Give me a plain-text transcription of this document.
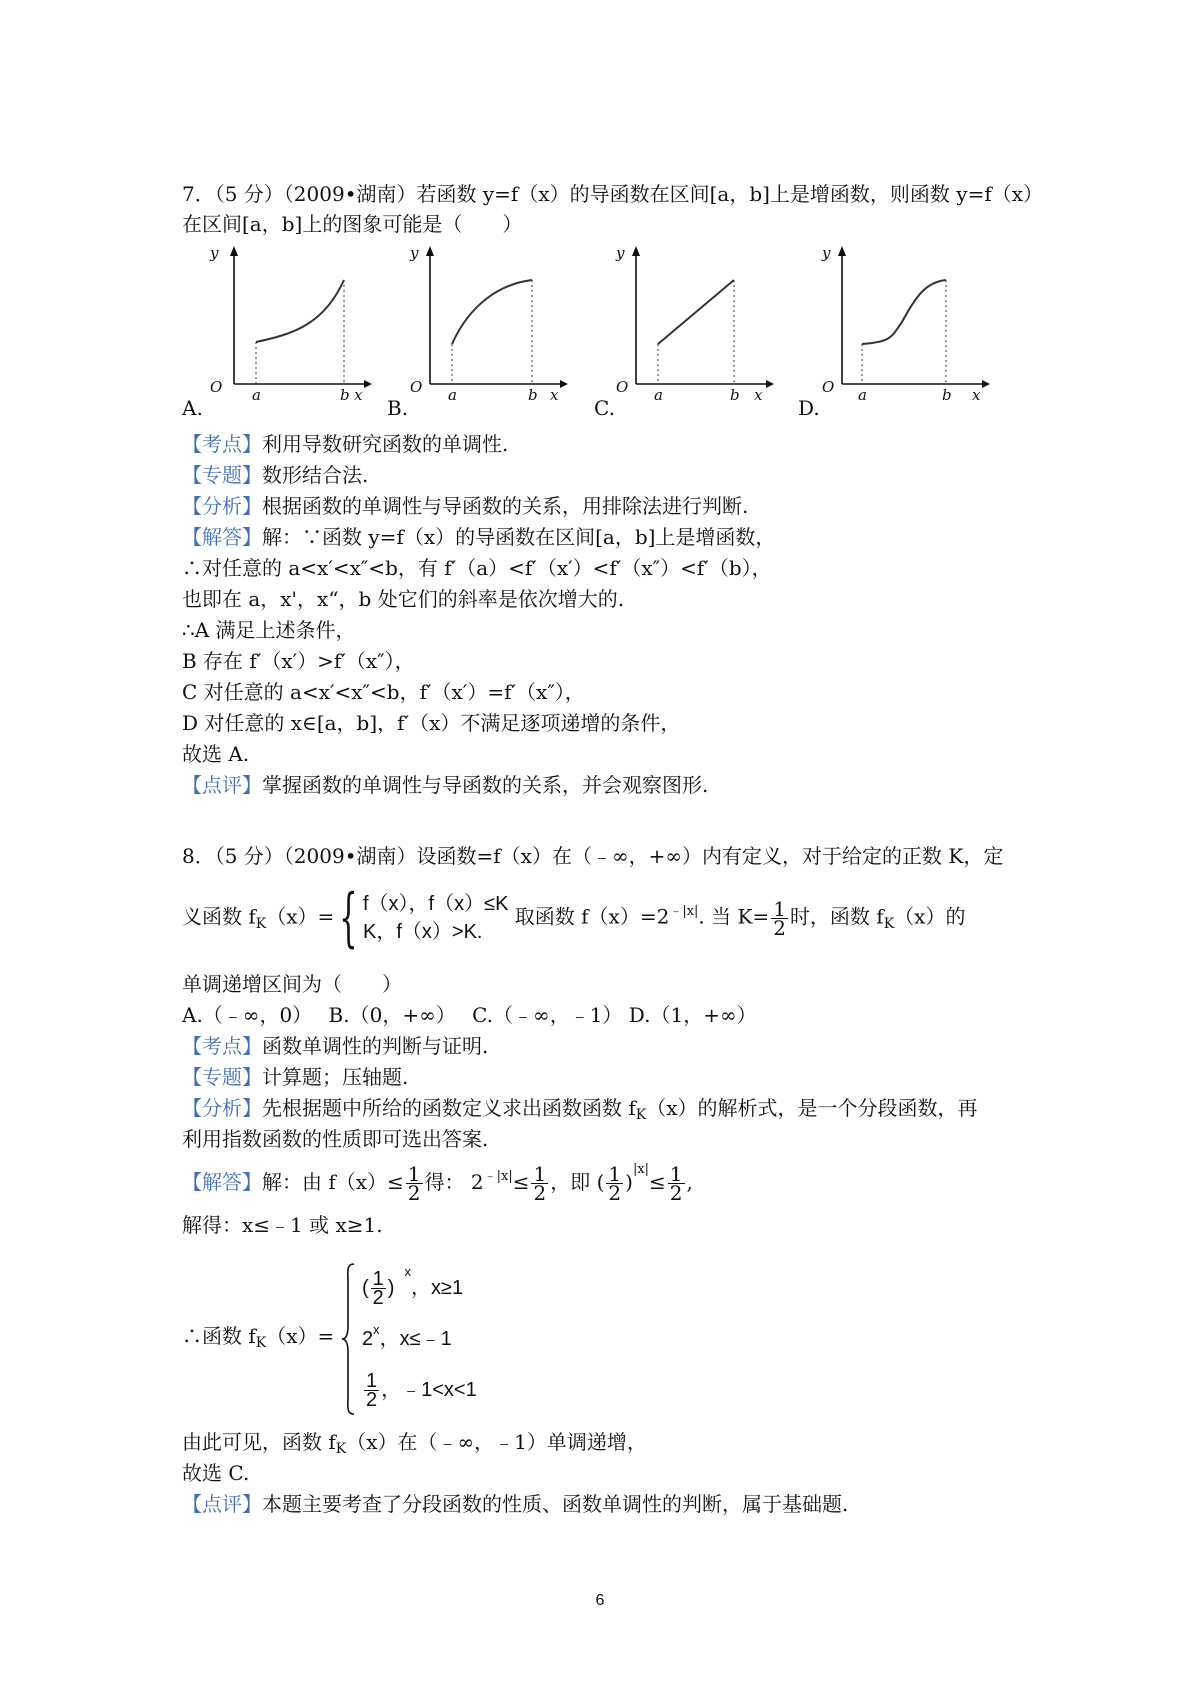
7．（5 分）（2009•湖南）若函数 y=f（x）的导函数在区间[a，b]上是增函数，则函数 y=f（x）
在区间[a，b]上的图象可能是（　　）
A.
y
O a	b x
B.
y
O a	b x
C.
y
O a	b x
D.
y
O a	b x
【考点】利用导数研究函数的单调性.
【专题】数形结合法.
【分析】根据函数的单调性与导函数的关系，用排除法进行判断.
【解答】解：∵函数 y=f（x）的导函数在区间[a，b]上是增函数，
∴对任意的 a<x′<x″<b，有 f′（a）<f′（x′）<f′（x″）<f′（b），
也即在 a，x'，x“，b 处它们的斜率是依次增大的.
∴A 满足上述条件，
B 存在 f′（x′）>f′（x″），
C 对任意的 a<x′<x″<b，f′（x′）=f′（x″），
D 对任意的 x∈[a，b]，f′（x）不满足逐项递增的条件，
故选 A.
【点评】掌握函数的单调性与导函数的关系，并会观察图形.
8．（5 分）（2009•湖南）设函数=f（x）在（﹣∞，+∞）内有定义，对于给定的正数 K，定
义函数 $f_K(x)=${ f（x），f（x）≤K
K，f（x）>K.
取函数 $f(x)=2^{﹣|x|}$. 当 $K= \frac{1}{2}$ 时，函数 $f_K(x)$的
单调递增区间为（　　）
A.（﹣∞，0）　 B.（0，+∞）　 C.（﹣∞，﹣1） D.（1，+∞）
【考点】函数单调性的判断与证明.
【专题】计算题；压轴题.
【分析】先根据题中所给的函数定义求出函数函数 $f_K(x)$的解析式，是一个分段函数，再
利用指数函数的性质即可选出答案.
【解答】解：由 $f(x)\le \frac{1}{2}$ 得： $2^{﹣|x|}\le \frac{1}{2}$ ，即 ( $\frac{1}{2} )^{|x|}\le \frac{1}{2}$ ,
解得：x≤﹣1 或 x≥1.
∴函数 $f_K(x)=$
( $\frac{1}{2}$ )
x
，x≥1
2 x ，x≤﹣1
$\frac{1}{2}$ ，﹣1<x<1
由此可见，函数 $f_K(x)$在（﹣∞，﹣1）单调递增，
故选 C.
【点评】本题主要考查了分段函数的性质、函数单调性的判断，属于基础题.
6
